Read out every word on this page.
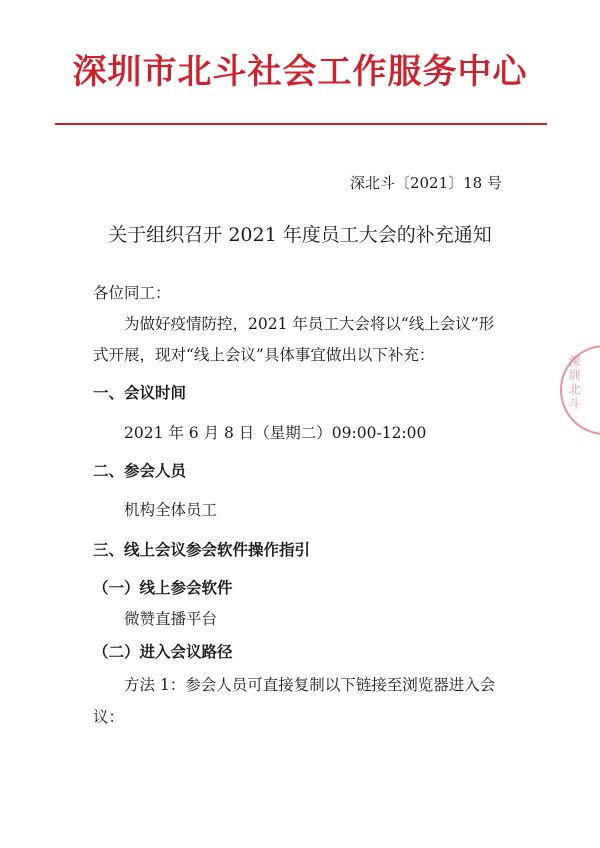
深圳市北斗社会工作服务中心
深北斗〔2021〕18 号
关于组织召开 2021 年度员工大会的补充通知
各位同工：
为做好疫情防控，2021 年员工大会将以“线上会议”形
式开展，现对“线上会议”具体事宜做出以下补充：
一、会议时间
2021 年 6 月 8 日（星期二）09:00-12:00
二、参会人员
机构全体员工
三、线上会议参会软件操作指引
（一）线上参会软件
微赞直播平台
（二）进入会议路径
方法 1：参会人员可直接复制以下链接至浏览器进入会
议：
深圳北斗
